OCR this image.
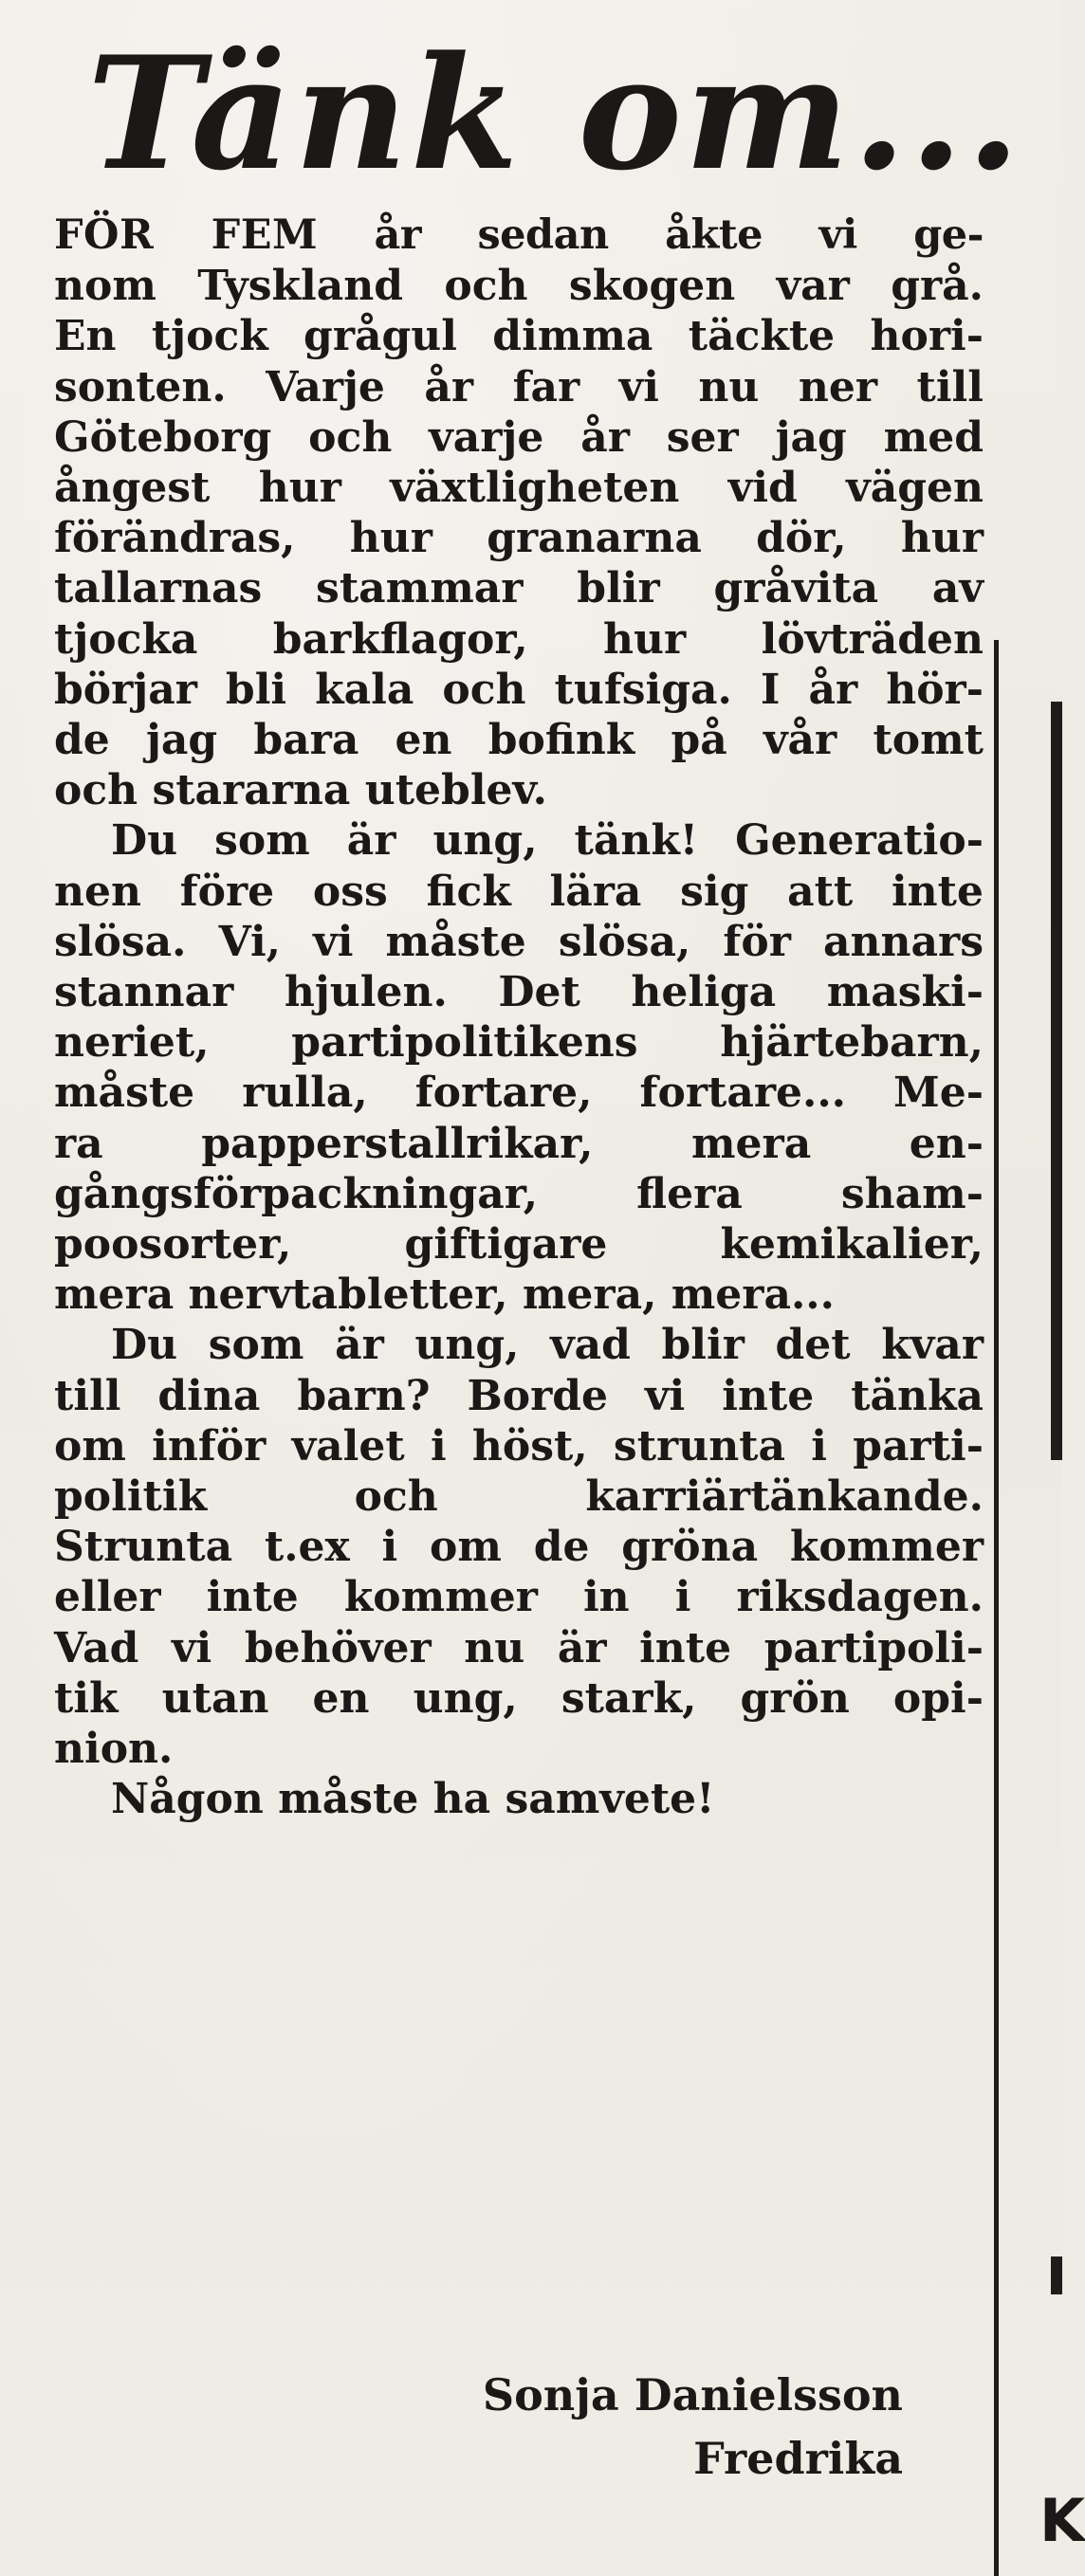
Tänk om...
FÖR FEM år sedan åkte vi ge-
nom Tyskland och skogen var grå.
En tjock grågul dimma täckte hori-
sonten. Varje år far vi nu ner till
Göteborg och varje år ser jag med
ångest hur växtligheten vid vägen
förändras, hur granarna dör, hur
tallarnas stammar blir gråvita av
tjocka barkflagor, hur lövträden
börjar bli kala och tufsiga. I år hör-
de jag bara en bofink på vår tomt
och stararna uteblev.
Du som är ung, tänk! Generatio-
nen före oss fick lära sig att inte
slösa. Vi, vi måste slösa, för annars
stannar hjulen. Det heliga maski-
neriet, partipolitikens hjärtebarn,
måste rulla, fortare, fortare... Me-
ra papperstallrikar, mera en-
gångsförpackningar, flera sham-
poosorter, giftigare kemikalier,
mera nervtabletter, mera, mera...
Du som är ung, vad blir det kvar
till dina barn? Borde vi inte tänka
om inför valet i höst, strunta i parti-
politik och karriärtänkande.
Strunta t.ex i om de gröna kommer
eller inte kommer in i riksdagen.
Vad vi behöver nu är inte partipoli-
tik utan en ung, stark, grön opi-
nion.
Någon måste ha samvete!
Sonja Danielsson
Fredrika
K
